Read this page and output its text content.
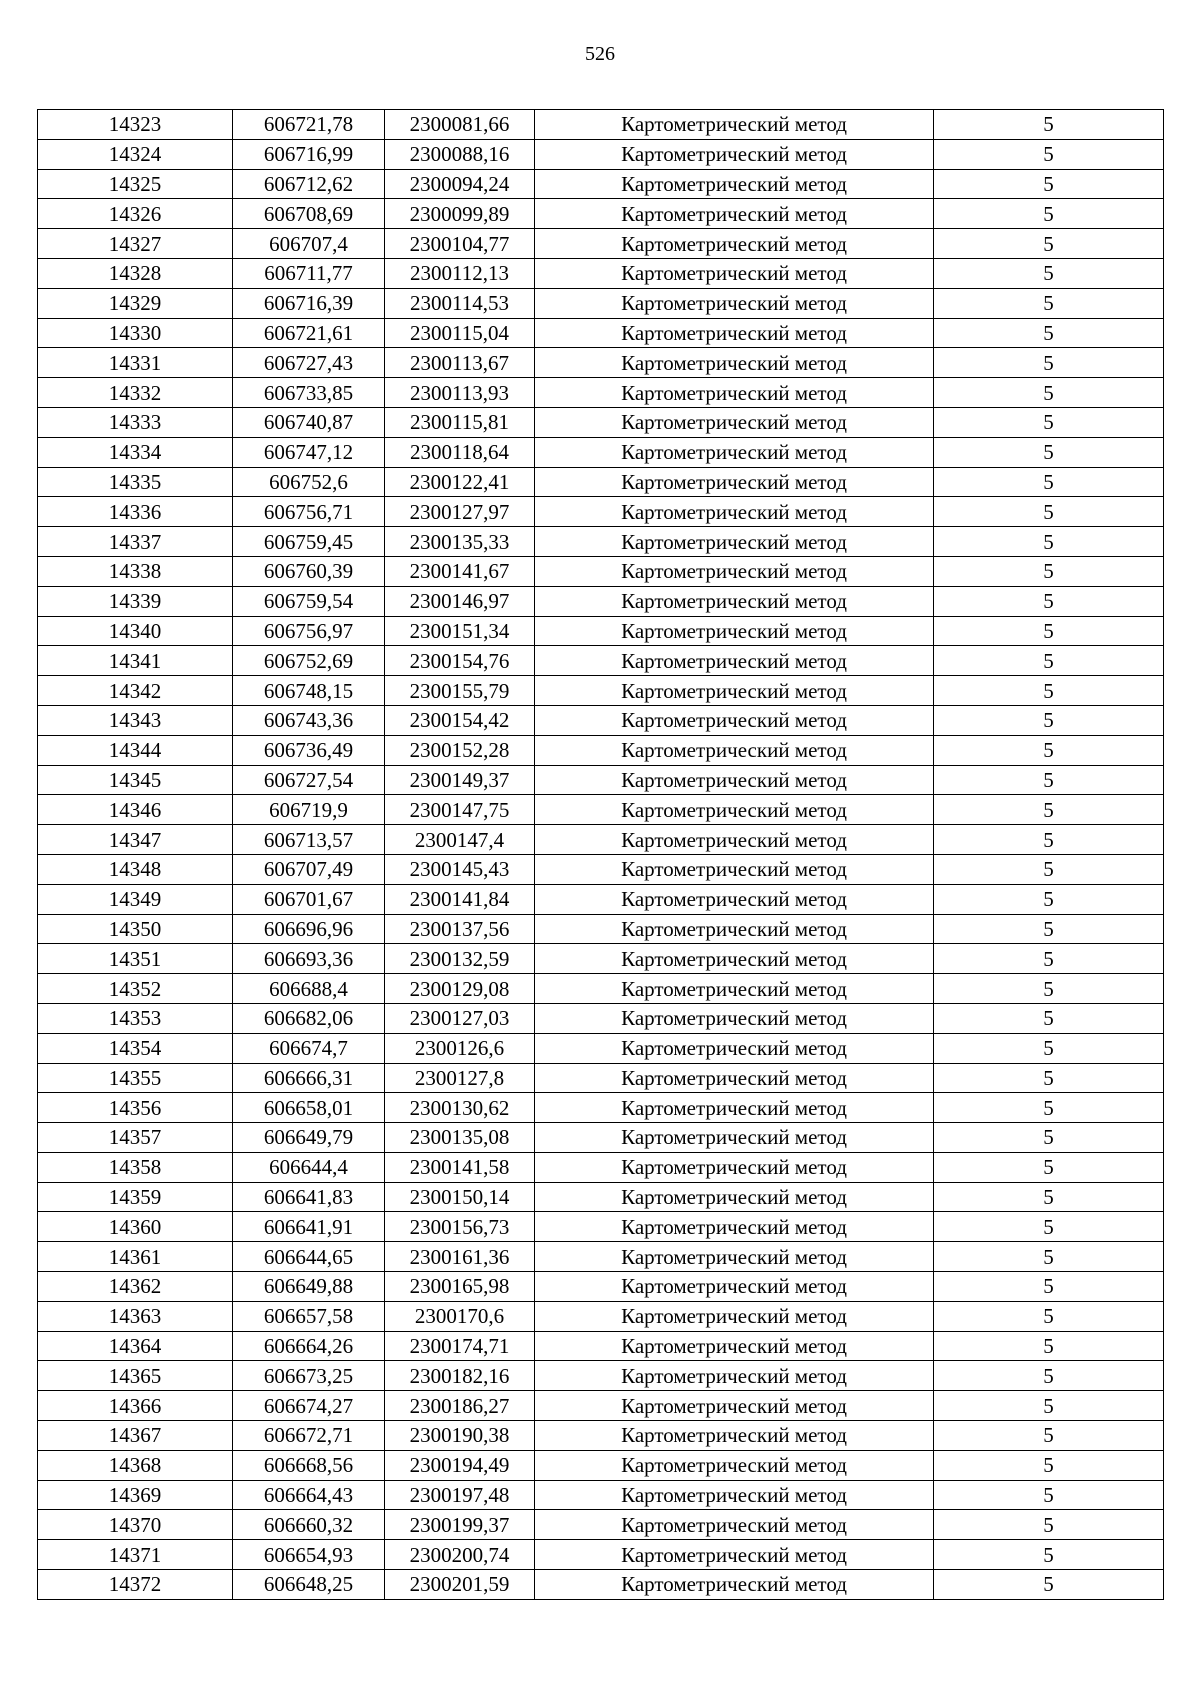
526
14323	606721,78	2300081,66	Картометрический метод	5
14324	606716,99	2300088,16	Картометрический метод	5
14325	606712,62	2300094,24	Картометрический метод	5
14326	606708,69	2300099,89	Картометрический метод	5
14327	606707,4	2300104,77	Картометрический метод	5
14328	606711,77	2300112,13	Картометрический метод	5
14329	606716,39	2300114,53	Картометрический метод	5
14330	606721,61	2300115,04	Картометрический метод	5
14331	606727,43	2300113,67	Картометрический метод	5
14332	606733,85	2300113,93	Картометрический метод	5
14333	606740,87	2300115,81	Картометрический метод	5
14334	606747,12	2300118,64	Картометрический метод	5
14335	606752,6	2300122,41	Картометрический метод	5
14336	606756,71	2300127,97	Картометрический метод	5
14337	606759,45	2300135,33	Картометрический метод	5
14338	606760,39	2300141,67	Картометрический метод	5
14339	606759,54	2300146,97	Картометрический метод	5
14340	606756,97	2300151,34	Картометрический метод	5
14341	606752,69	2300154,76	Картометрический метод	5
14342	606748,15	2300155,79	Картометрический метод	5
14343	606743,36	2300154,42	Картометрический метод	5
14344	606736,49	2300152,28	Картометрический метод	5
14345	606727,54	2300149,37	Картометрический метод	5
14346	606719,9	2300147,75	Картометрический метод	5
14347	606713,57	2300147,4	Картометрический метод	5
14348	606707,49	2300145,43	Картометрический метод	5
14349	606701,67	2300141,84	Картометрический метод	5
14350	606696,96	2300137,56	Картометрический метод	5
14351	606693,36	2300132,59	Картометрический метод	5
14352	606688,4	2300129,08	Картометрический метод	5
14353	606682,06	2300127,03	Картометрический метод	5
14354	606674,7	2300126,6	Картометрический метод	5
14355	606666,31	2300127,8	Картометрический метод	5
14356	606658,01	2300130,62	Картометрический метод	5
14357	606649,79	2300135,08	Картометрический метод	5
14358	606644,4	2300141,58	Картометрический метод	5
14359	606641,83	2300150,14	Картометрический метод	5
14360	606641,91	2300156,73	Картометрический метод	5
14361	606644,65	2300161,36	Картометрический метод	5
14362	606649,88	2300165,98	Картометрический метод	5
14363	606657,58	2300170,6	Картометрический метод	5
14364	606664,26	2300174,71	Картометрический метод	5
14365	606673,25	2300182,16	Картометрический метод	5
14366	606674,27	2300186,27	Картометрический метод	5
14367	606672,71	2300190,38	Картометрический метод	5
14368	606668,56	2300194,49	Картометрический метод	5
14369	606664,43	2300197,48	Картометрический метод	5
14370	606660,32	2300199,37	Картометрический метод	5
14371	606654,93	2300200,74	Картометрический метод	5
14372	606648,25	2300201,59	Картометрический метод	5
